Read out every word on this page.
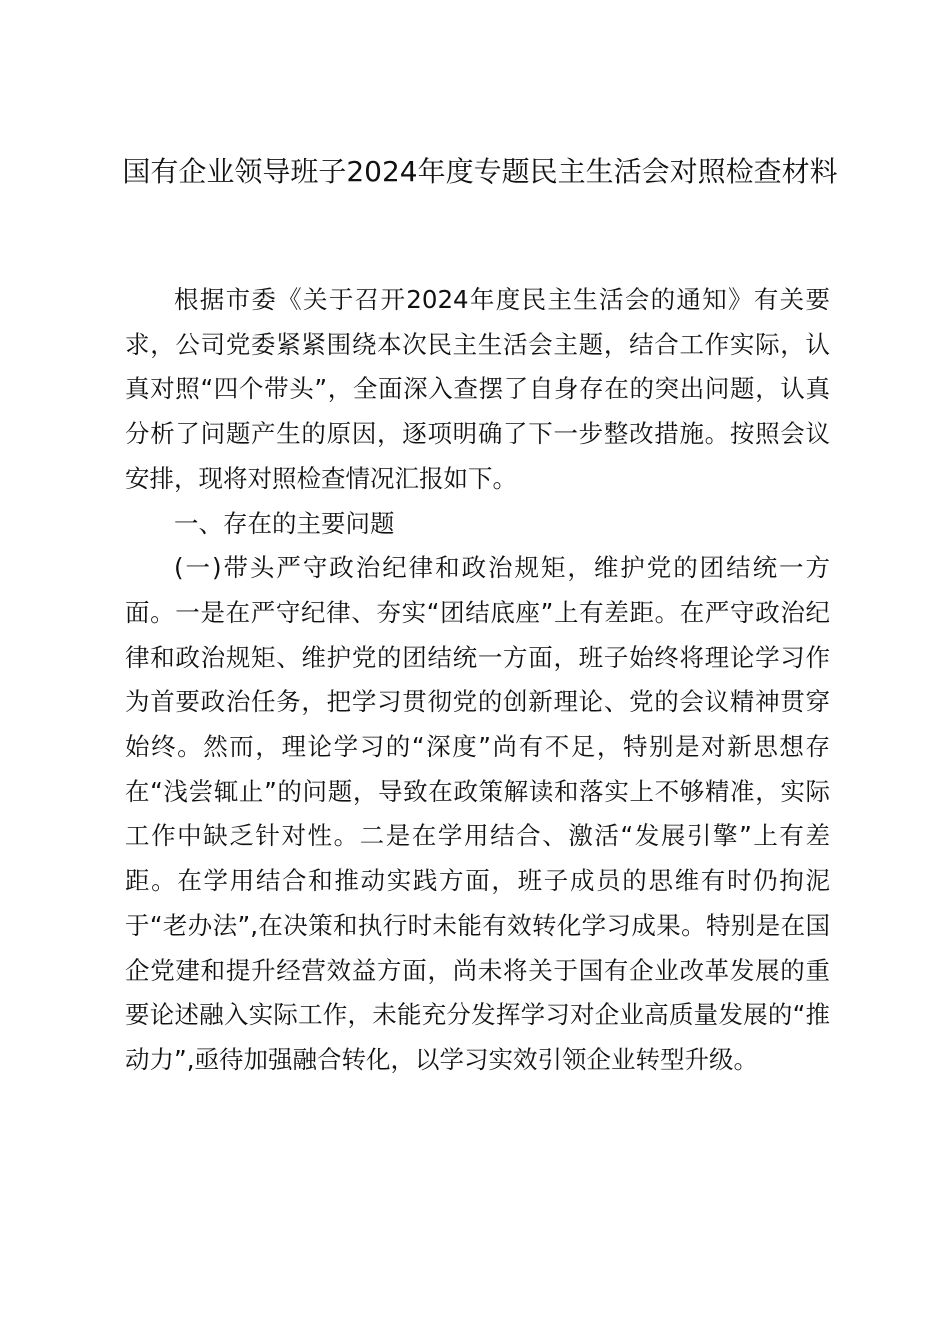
国有企业领导班子2024年度专题民主生活会对照检查材料

根据市委《关于召开2024年度民主生活会的通知》有关要求，公司党委紧紧围绕本次民主生活会主题，结合工作实际，认真对照“四个带头”，全面深入查摆了自身存在的突出问题，认真分析了问题产生的原因，逐项明确了下一步整改措施。按照会议安排，现将对照检查情况汇报如下。

一、存在的主要问题

(一)带头严守政治纪律和政治规矩，维护党的团结统一方面。一是在严守纪律、夯实“团结底座”上有差距。在严守政治纪律和政治规矩、维护党的团结统一方面，班子始终将理论学习作为首要政治任务，把学习贯彻党的创新理论、党的会议精神贯穿始终。然而，理论学习的“深度”尚有不足，特别是对新思想存在“浅尝辄止”的问题，导致在政策解读和落实上不够精准，实际工作中缺乏针对性。二是在学用结合、激活“发展引擎”上有差距。在学用结合和推动实践方面，班子成员的思维有时仍拘泥于“老办法”,在决策和执行时未能有效转化学习成果。特别是在国企党建和提升经营效益方面，尚未将关于国有企业改革发展的重要论述融入实际工作，未能充分发挥学习对企业高质量发展的“推动力”,亟待加强融合转化，以学习实效引领企业转型升级。
